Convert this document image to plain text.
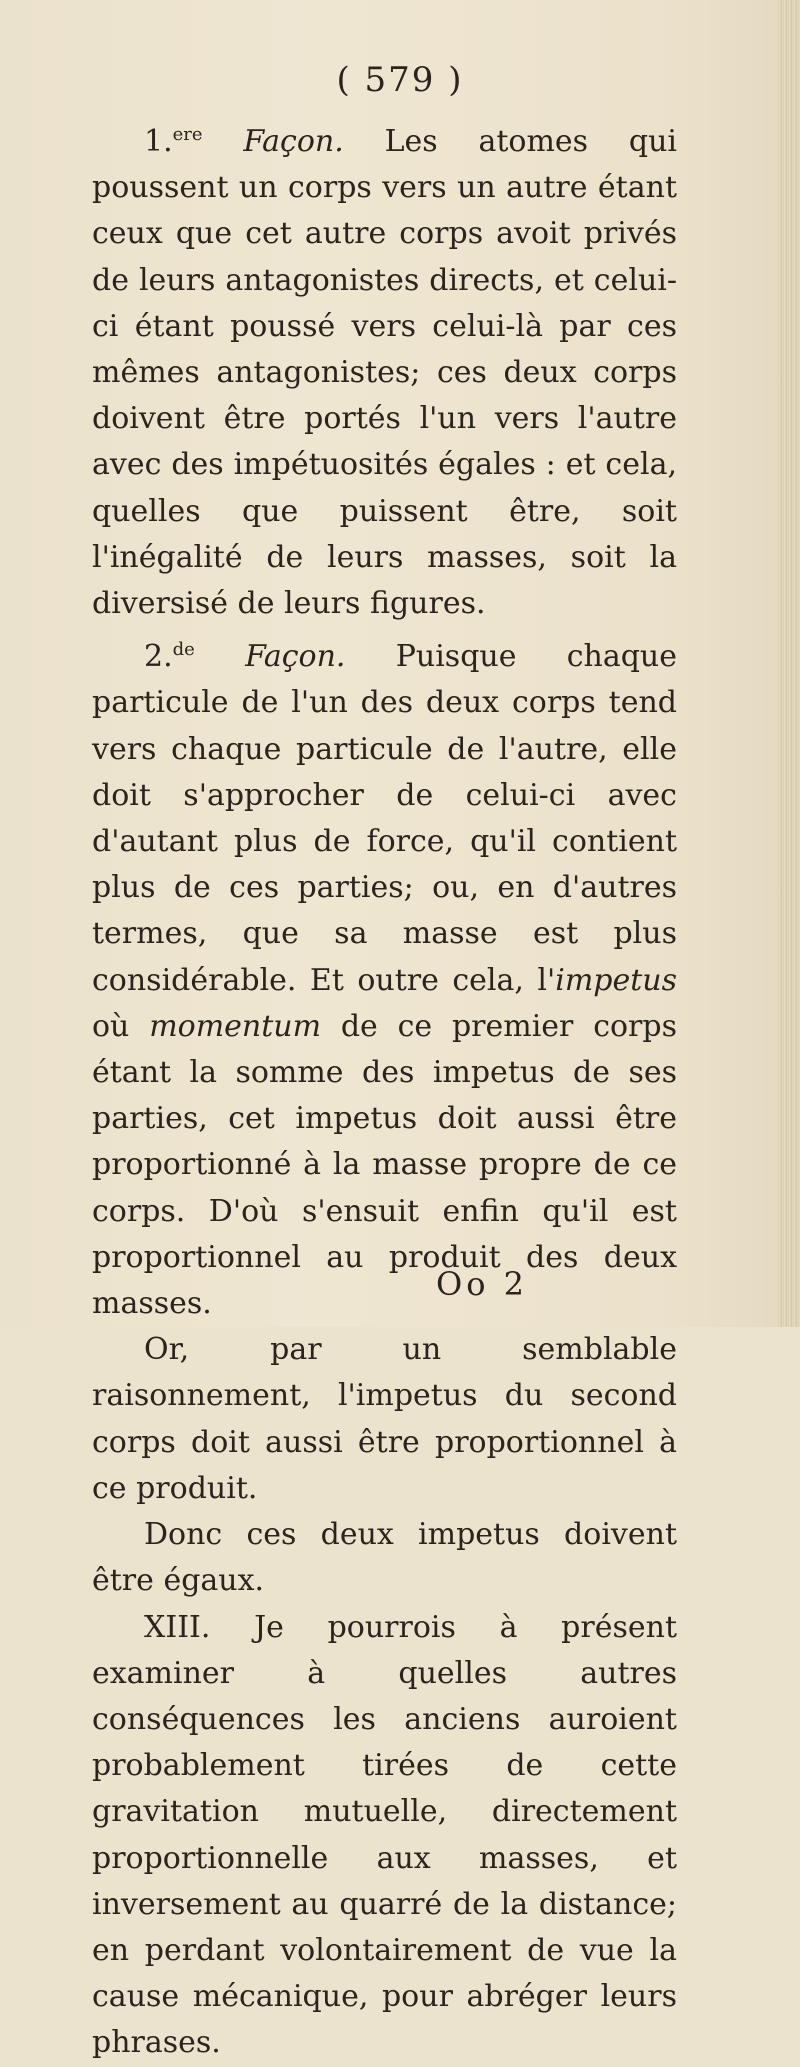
( 579 )

1.$^{ere}$ Façon. Les atomes qui poussent un corps vers un autre étant ceux que cet autre corps avoit privés de leurs antagonistes directs, et celui-ci étant poussé vers celui-là par ces mêmes antagonistes; ces deux corps doivent être portés l'un vers l'autre avec des impétuosités égales : et cela, quelles que puissent être, soit l'inégalité de leurs masses, soit la diversisé de leurs figures.

2.$^{de}$ Façon. Puisque chaque particule de l'un des deux corps tend vers chaque particule de l'autre, elle doit s'approcher de celui-ci avec d'autant plus de force, qu'il contient plus de ces parties; ou, en d'autres termes, que sa masse est plus considérable. Et outre cela, l'impetus où momentum de ce premier corps étant la somme des impetus de ses parties, cet impetus doit aussi être proportionné à la masse propre de ce corps. D'où s'ensuit enfin qu'il est proportionnel au produit des deux masses.

Or, par un semblable raisonnement, l'impetus du second corps doit aussi être proportionnel à ce produit.

Donc ces deux impetus doivent être égaux.

XIII. Je pourrois à présent examiner à quelles autres conséquences les anciens auroient probablement tirées de cette gravitation mutuelle, directement proportionnelle aux masses, et inversement au quarré de la distance; en perdant volontairement de vue la cause mécanique, pour abréger leurs phrases.

Oo 2
